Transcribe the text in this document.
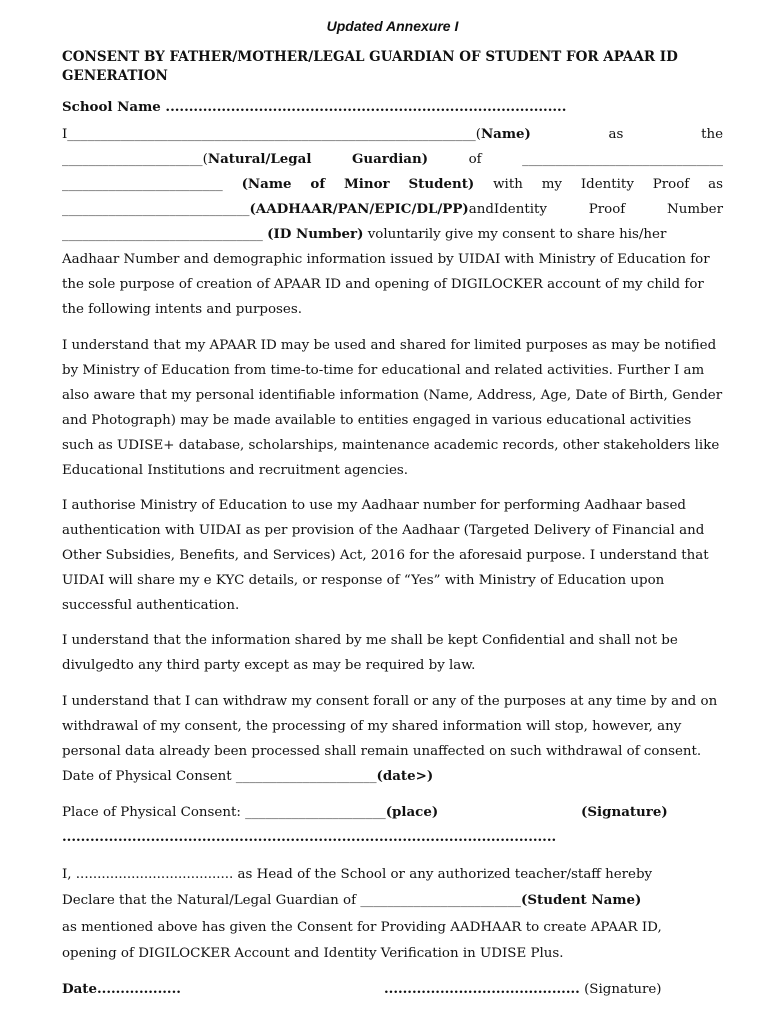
Updated Annexure I
CONSENT BY FATHER/MOTHER/LEGAL GUARDIAN OF STUDENT FOR APAAR ID GENERATION
School Name ......................................................................................
I_____________________________________________________________(Name)	as	the
_____________________(Natural/Legal	Guardian)	of	______________________________
________________________ (Name of Minor Student) with my Identity Proof as
____________________________(AADHAAR/PAN/EPIC/DL/PP)andIdentity	Proof	Number
______________________________ (ID Number) voluntarily give my consent to share his/her
Aadhaar Number and demographic information issued by UIDAI with Ministry of Education for the sole purpose of creation of APAAR ID and opening of DIGILOCKER account of my child for the following intents and purposes.
I understand that my APAAR ID may be used and shared for limited purposes as may be notified by Ministry of Education from time-to-time for educational and related activities. Further I am also aware that my personal identifiable information (Name, Address, Age, Date of Birth, Gender and Photograph) may be made available to entities engaged in various educational activities such as UDISE+ database, scholarships, maintenance academic records, other stakeholders like Educational Institutions and recruitment agencies.
I authorise Ministry of Education to use my Aadhaar number for performing Aadhaar based authentication with UIDAI as per provision of the Aadhaar (Targeted Delivery of Financial and Other Subsidies, Benefits, and Services) Act, 2016 for the aforesaid purpose. I understand that UIDAI will share my e KYC details, or response of “Yes” with Ministry of Education upon successful authentication.
I understand that the information shared by me shall be kept Confidential and shall not be divulgedto any third party except as may be required by law.
I understand that I can withdraw my consent forall or any of the purposes at any time by and on withdrawal of my consent, the processing of my shared information will stop, however, any personal data already been processed shall remain unaffected on such withdrawal of consent.
Date of Physical Consent _____________________(date>)
Place of Physical Consent: _____________________(place)	(Signature)
..........................................................................................................
I, ..................................... as Head of the School or any authorized teacher/staff hereby
Declare that the Natural/Legal Guardian of ________________________(Student Name)
as mentioned above has given the Consent for Providing AADHAAR to create APAAR ID,
opening of DIGILOCKER Account and Identity Verification in UDISE Plus.
Date..................	.......................................... (Signature)
